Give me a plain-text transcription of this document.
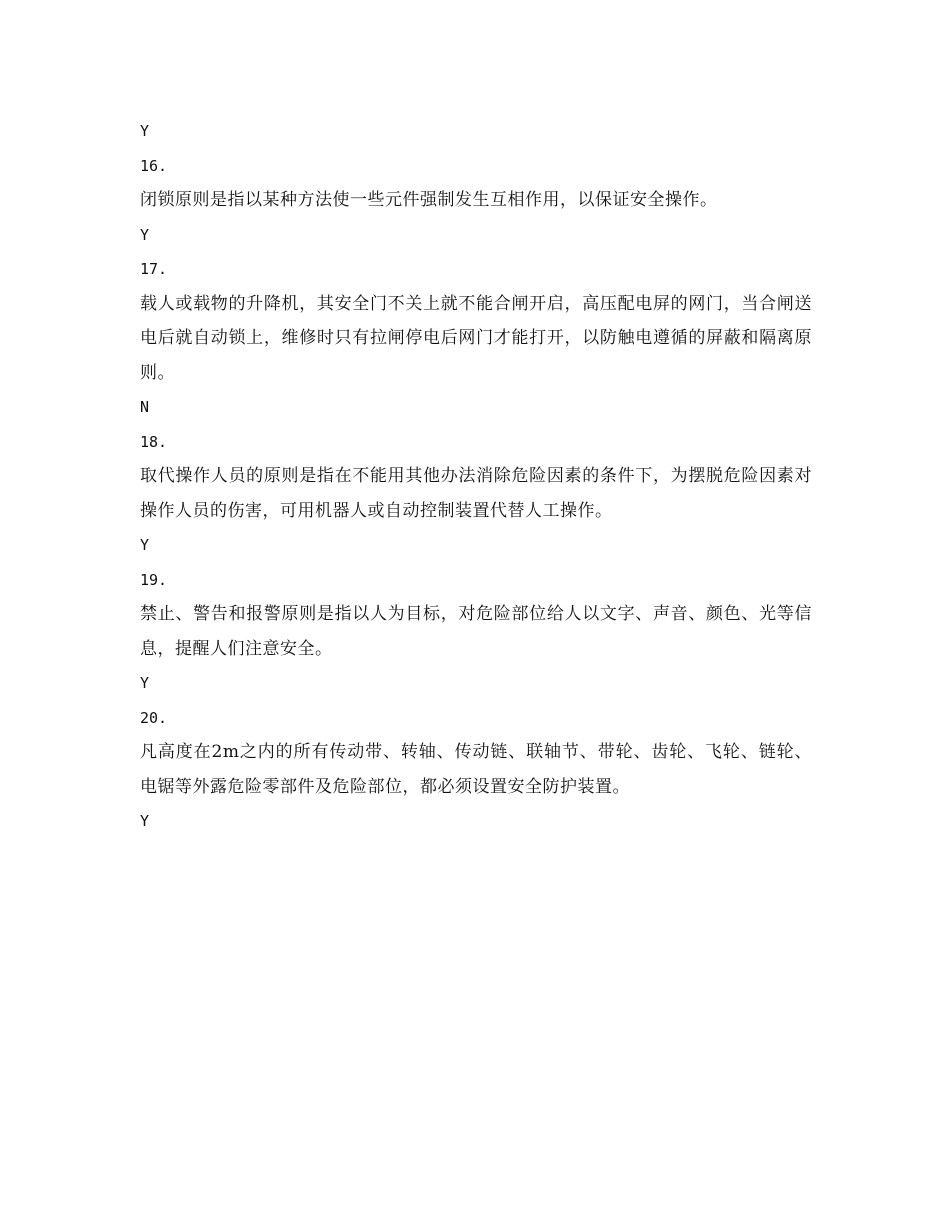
Y

16.

闭锁原则是指以某种方法使一些元件强制发生互相作用，以保证安全操作。

Y

17.

载人或载物的升降机，其安全门不关上就不能合闸开启，高压配电屏的网门，当合闸送电后就自动锁上，维修时只有拉闸停电后网门才能打开，以防触电遵循的屏蔽和隔离原则。

N

18.

取代操作人员的原则是指在不能用其他办法消除危险因素的条件下，为摆脱危险因素对操作人员的伤害，可用机器人或自动控制装置代替人工操作。

Y

19.

禁止、警告和报警原则是指以人为目标，对危险部位给人以文字、声音、颜色、光等信息，提醒人们注意安全。

Y

20.

凡高度在2m之内的所有传动带、转轴、传动链、联轴节、带轮、齿轮、飞轮、链轮、电锯等外露危险零部件及危险部位，都必须设置安全防护装置。

Y
